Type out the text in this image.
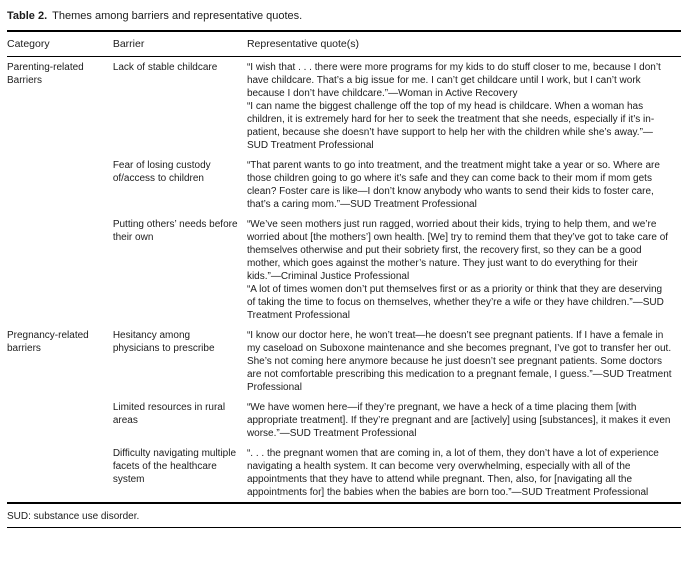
Table 2. Themes among barriers and representative quotes.
Category	Barrier	Representative quote(s)
Parenting-related Barriers	Lack of stable childcare	“I wish that . . . there were more programs for my kids to do stuff closer to me, because I don’t have childcare. That’s a big issue for me. I can’t get childcare until I work, but I can’t work because I don’t have childcare.”—Woman in Active Recovery

“I can name the biggest challenge off the top of my head is childcare. When a woman has children, it is extremely hard for her to seek the treatment that she needs, especially if it’s in-patient, because she doesn’t have support to help her with the children while she’s away.”—SUD Treatment Professional

	Fear of losing custody of/access to children	“That parent wants to go into treatment, and the treatment might take a year or so. Where are those children going to go where it’s safe and they can come back to their mom if mom gets clean? Foster care is like—I don’t know anybody who wants to send their kids to foster care, that’s a caring mom.”—SUD Treatment Professional

	Putting others’ needs before their own	“We’ve seen mothers just run ragged, worried about their kids, trying to help them, and we’re worried about [the mothers’] own health. [We] try to remind them that they’ve got to take care of themselves otherwise and put their sobriety first, the recovery first, so they can be a good mother, which goes against the mother’s nature. They just want to do everything for their kids.”—Criminal Justice Professional

“A lot of times women don’t put themselves first or as a priority or think that they are deserving of taking the time to focus on themselves, whether they’re a wife or they have children.”—SUD Treatment Professional

Pregnancy-related barriers	Hesitancy among physicians to prescribe	“I know our doctor here, he won’t treat—he doesn’t see pregnant patients. If I have a female in my caseload on Suboxone maintenance and she becomes pregnant, I’ve got to transfer her out. She’s not coming here anymore because he just doesn’t see pregnant patients. Some doctors are not comfortable prescribing this medication to a pregnant female, I guess.”—SUD Treatment Professional

	Limited resources in rural areas	“We have women here—if they’re pregnant, we have a heck of a time placing them [with appropriate treatment]. If they’re pregnant and are [actively] using [substances], it makes it even worse.”—SUD Treatment Professional

	Difficulty navigating multiple facets of the healthcare system	“. . . the pregnant women that are coming in, a lot of them, they don’t have a lot of experience navigating a health system. It can become very overwhelming, especially with all of the appointments that they have to attend while pregnant. Then, also, for [navigating all the appointments for] the babies when the babies are born too.”—SUD Treatment Professional

SUD: substance use disorder.
